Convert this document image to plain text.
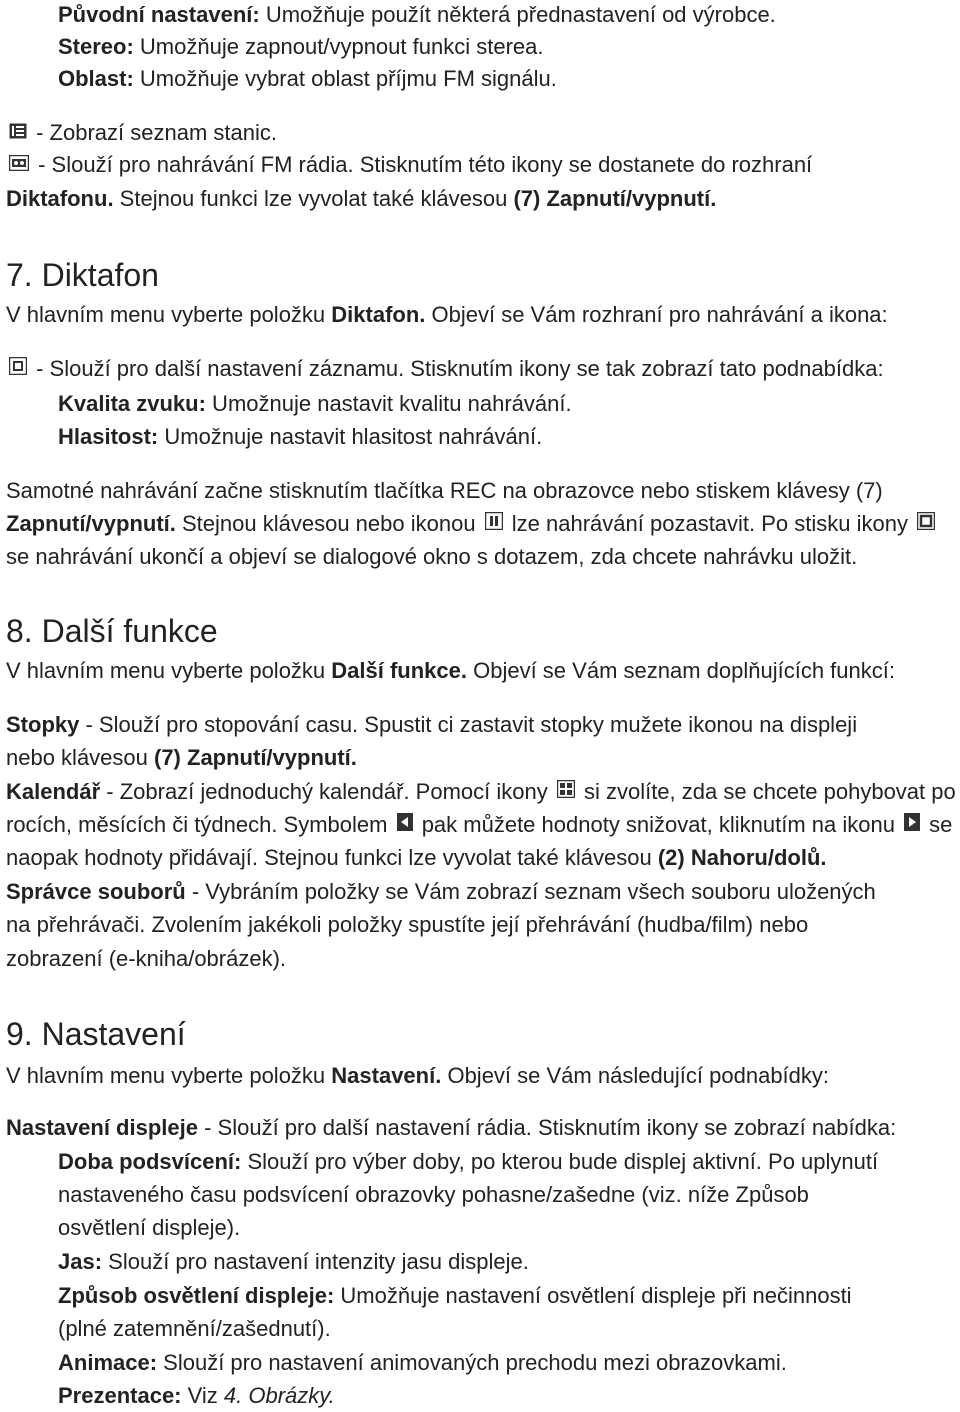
Původní nastavení: Umožňuje použít některá přednastavení od výrobce.
Stereo: Umožňuje zapnout/vypnout funkci sterea.
Oblast: Umožňuje vybrat oblast příjmu FM signálu.
- Zobrazí seznam stanic.
- Slouží pro nahrávání FM rádia. Stisknutím této ikony se dostanete do rozhraní
Diktafonu. Stejnou funkci lze vyvolat také klávesou (7) Zapnutí/vypnutí.
7. Diktafon
V hlavním menu vyberte položku Diktafon. Objeví se Vám rozhraní pro nahrávání a ikona:
- Slouží pro další nastavení záznamu. Stisknutím ikony se tak zobrazí tato podnabídka:
Kvalita zvuku: Umožnuje nastavit kvalitu nahrávání.
Hlasitost: Umožnuje nastavit hlasitost nahrávání.
Samotné nahrávání začne stisknutím tlačítka REC na obrazovce nebo stiskem klávesy (7)
Zapnutí/vypnutí. Stejnou klávesou nebo ikonou  lze nahrávání pozastavit. Po stisku ikony
se nahrávání ukončí a objeví se dialogové okno s dotazem, zda chcete nahrávku uložit.
8. Další funkce
V hlavním menu vyberte položku Další funkce. Objeví se Vám seznam doplňujících funkcí:
Stopky - Slouží pro stopování casu. Spustit ci zastavit stopky mužete ikonou na displeji
nebo klávesou (7) Zapnutí/vypnutí.
Kalendář - Zobrazí jednoduchý kalendář. Pomocí ikony  si zvolíte, zda se chcete pohybovat po
rocích, měsících či týdnech. Symbolem  pak můžete hodnoty snižovat, kliknutím na ikonu  se
naopak hodnoty přidávají. Stejnou funkci lze vyvolat také klávesou (2) Nahoru/dolů.
Správce souborů - Vybráním položky se Vám zobrazí seznam všech souboru uložených
na přehrávači. Zvolením jakékoli položky spustíte její přehrávání (hudba/film) nebo
zobrazení (e-kniha/obrázek).
9. Nastavení
V hlavním menu vyberte položku Nastavení. Objeví se Vám následující podnabídky:
Nastavení displeje - Slouží pro další nastavení rádia. Stisknutím ikony se zobrazí nabídka:
Doba podsvícení: Slouží pro výber doby, po kterou bude displej aktivní. Po uplynutí
nastaveného času podsvícení obrazovky pohasne/zašedne (viz. níže Způsob
osvětlení displeje).
Jas: Slouží pro nastavení intenzity jasu displeje.
Způsob osvětlení displeje: Umožňuje nastavení osvětlení displeje při nečinnosti
(plné zatemnění/zašednutí).
Animace: Slouží pro nastavení animovaných prechodu mezi obrazovkami.
Prezentace: Viz 4. Obrázky.
